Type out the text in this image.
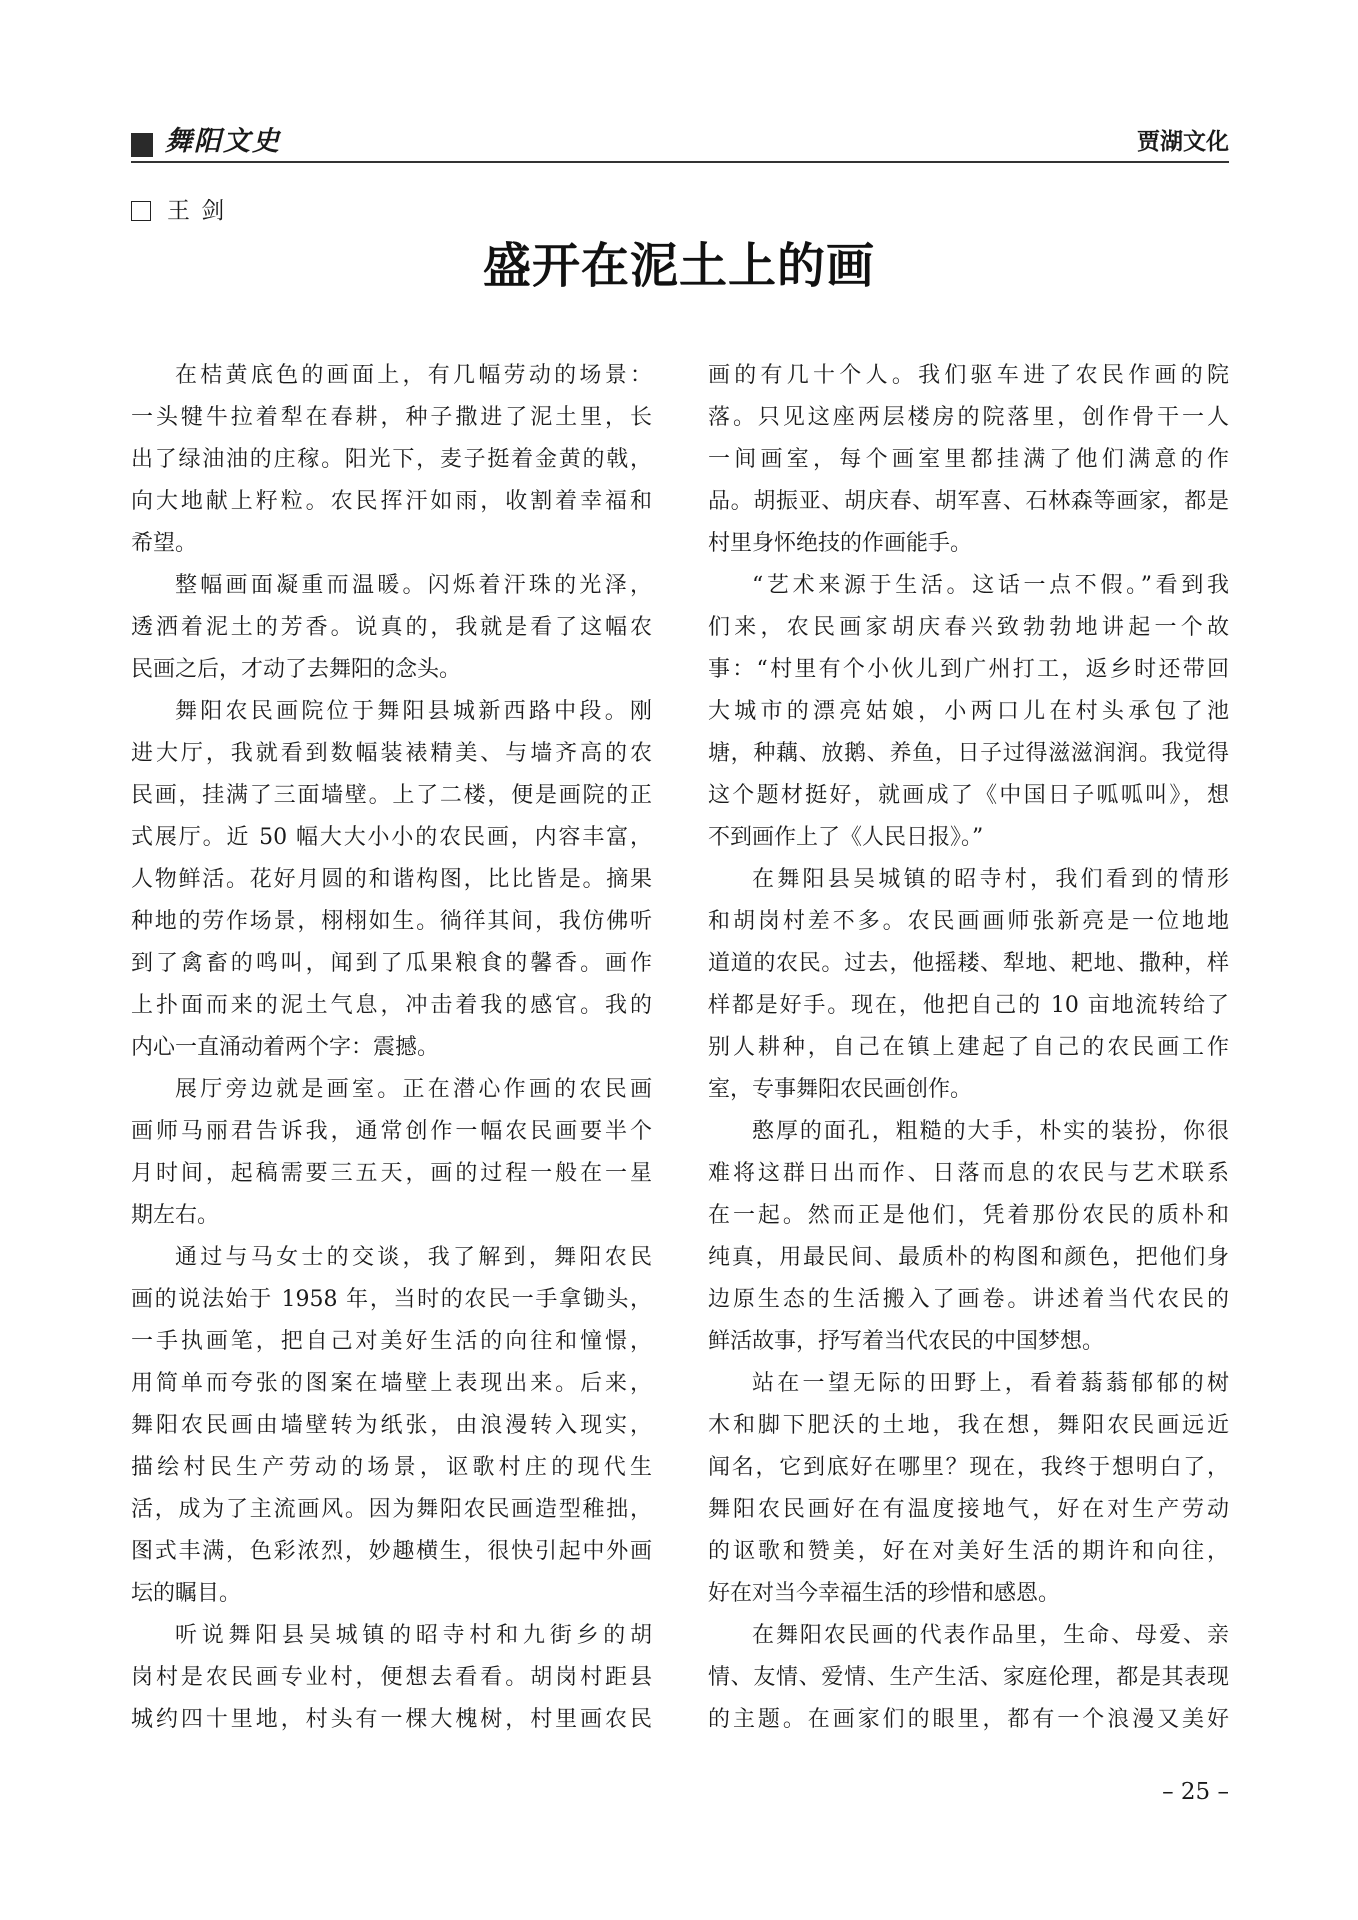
舞阳文史	贾湖文化
王 剑
盛开在泥土上的画
在桔黄底色的画面上，有几幅劳动的场景：
一头犍牛拉着犁在春耕，种子撒进了泥土里，长
出了绿油油的庄稼。阳光下，麦子挺着金黄的戟，
向大地献上籽粒。农民挥汗如雨，收割着幸福和
希望。
整幅画面凝重而温暖。闪烁着汗珠的光泽，
透洒着泥土的芳香。说真的，我就是看了这幅农
民画之后，才动了去舞阳的念头。
舞阳农民画院位于舞阳县城新西路中段。刚
进大厅，我就看到数幅装裱精美、与墙齐高的农
民画，挂满了三面墙壁。上了二楼，便是画院的正
式展厅。近 50 幅大大小小的农民画，内容丰富，
人物鲜活。花好月圆的和谐构图，比比皆是。摘果
种地的劳作场景，栩栩如生。徜徉其间，我仿佛听
到了禽畜的鸣叫，闻到了瓜果粮食的馨香。画作
上扑面而来的泥土气息，冲击着我的感官。我的
内心一直涌动着两个字：震撼。
展厅旁边就是画室。正在潜心作画的农民画
画师马丽君告诉我，通常创作一幅农民画要半个
月时间，起稿需要三五天，画的过程一般在一星
期左右。
通过与马女士的交谈，我了解到，舞阳农民
画的说法始于 1958 年，当时的农民一手拿锄头，
一手执画笔，把自己对美好生活的向往和憧憬，
用简单而夸张的图案在墙壁上表现出来。后来，
舞阳农民画由墙壁转为纸张，由浪漫转入现实，
描绘村民生产劳动的场景，讴歌村庄的现代生
活，成为了主流画风。因为舞阳农民画造型稚拙，
图式丰满，色彩浓烈，妙趣横生，很快引起中外画
坛的瞩目。
听说舞阳县吴城镇的昭寺村和九街乡的胡
岗村是农民画专业村，便想去看看。胡岗村距县
城约四十里地，村头有一棵大槐树，村里画农民
画的有几十个人。我们驱车进了农民作画的院
落。只见这座两层楼房的院落里，创作骨干一人
一间画室，每个画室里都挂满了他们满意的作
品。胡振亚、胡庆春、胡军喜、石林森等画家，都是
村里身怀绝技的作画能手。
“艺术来源于生活。这话一点不假。”看到我
们来，农民画家胡庆春兴致勃勃地讲起一个故
事：“村里有个小伙儿到广州打工，返乡时还带回
大城市的漂亮姑娘，小两口儿在村头承包了池
塘，种藕、放鹅、养鱼，日子过得滋滋润润。我觉得
这个题材挺好，就画成了《中国日子呱呱叫》，想
不到画作上了《人民日报》。”
在舞阳县吴城镇的昭寺村，我们看到的情形
和胡岗村差不多。农民画画师张新亮是一位地地
道道的农民。过去，他摇耧、犁地、耙地、撒种，样
样都是好手。现在，他把自己的 10 亩地流转给了
别人耕种，自己在镇上建起了自己的农民画工作
室，专事舞阳农民画创作。
憨厚的面孔，粗糙的大手，朴实的装扮，你很
难将这群日出而作、日落而息的农民与艺术联系
在一起。然而正是他们，凭着那份农民的质朴和
纯真，用最民间、最质朴的构图和颜色，把他们身
边原生态的生活搬入了画卷。讲述着当代农民的
鲜活故事，抒写着当代农民的中国梦想。
站在一望无际的田野上，看着蓊蓊郁郁的树
木和脚下肥沃的土地，我在想，舞阳农民画远近
闻名，它到底好在哪里？现在，我终于想明白了，
舞阳农民画好在有温度接地气，好在对生产劳动
的讴歌和赞美，好在对美好生活的期许和向往，
好在对当今幸福生活的珍惜和感恩。
在舞阳农民画的代表作品里，生命、母爱、亲
情、友情、爱情、生产生活、家庭伦理，都是其表现
的主题。在画家们的眼里，都有一个浪漫又美好
– 25 –
